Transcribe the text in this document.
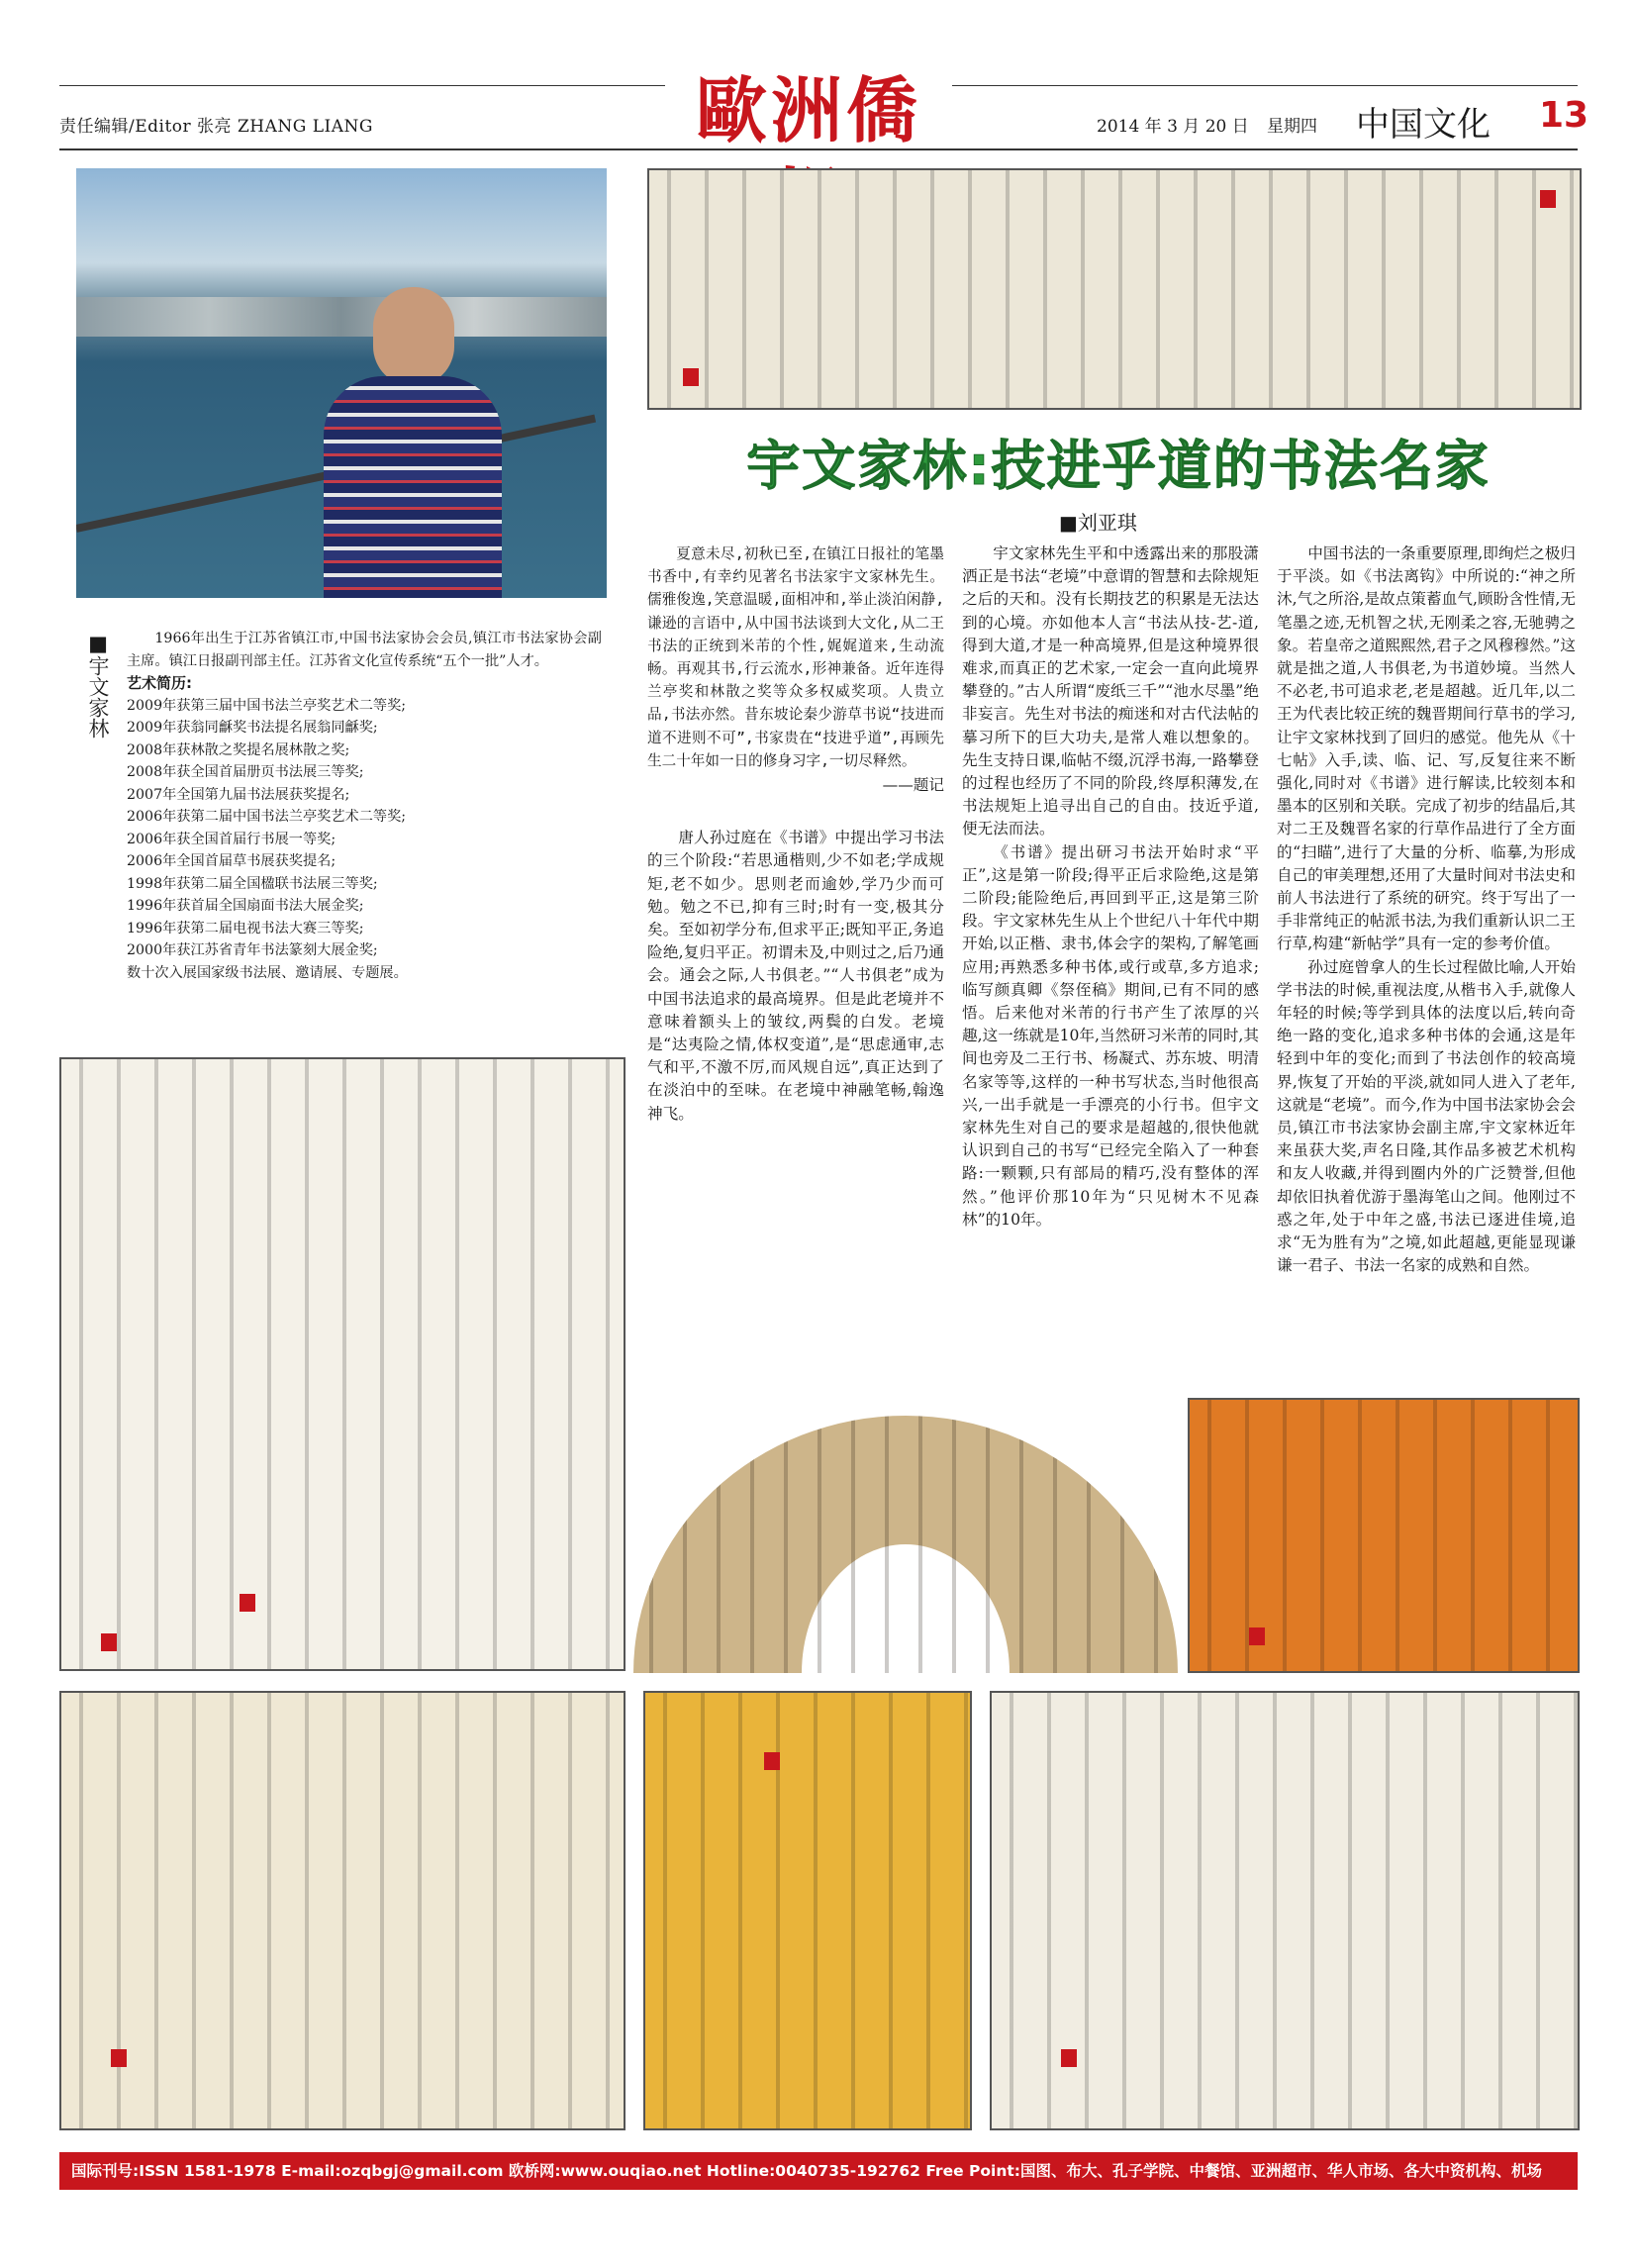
责任编辑/Editor 张亮 ZHANG LIANG	歐洲僑	2014 年 3 月 20 日 星期四 中国文化 13
宇文家林:技进乎道的书法名家
■刘亚琪
■宇文家林	1966年出生于江苏省镇江市,中国书法家协会会员,镇江市书法家协会副主席。镇江日报副刊部主任。江苏省文化宣传系统“五个一批”人才。
艺术简历:
2009年获第三届中国书法兰亭奖艺术二等奖;
2009年获翁同龢奖书法提名展翁同龢奖;
2008年获林散之奖提名展林散之奖;
2008年获全国首届册页书法展三等奖;
2007年全国第九届书法展获奖提名;
2006年获第二届中国书法兰亭奖艺术二等奖;
2006年获全国首届行书展一等奖;
2006年全国首届草书展获奖提名;
1998年获第二届全国楹联书法展三等奖;
1996年获首届全国扇面书法大展金奖;
1996年获第二届电视书法大赛三等奖;
2000年获江苏省青年书法篆刻大展金奖;
数十次入展国家级书法展、邀请展、专题展。

夏意未尽,初秋已至,在镇江日报社的笔墨书香中,有幸约见著名书法家宇文家林先生。儒雅俊逸,笑意温暖,面相冲和,举止淡泊闲静,谦逊的言语中,从中国书法谈到大文化,从二王书法的正统到米芾的个性,娓娓道来,生动流畅。再观其书,行云流水,形神兼备。近年连得兰亭奖和林散之奖等众多权威奖项。人贵立品,书法亦然。昔东坡论秦少游草书说“技进而道不进则不可”,书家贵在“技进乎道”,再顾先生二十年如一日的修身习字,一切尽释然。

——题记

唐人孙过庭在《书谱》中提出学习书法的三个阶段:“若思通楷则,少不如老;学成规矩,老不如少。思则老而逾妙,学乃少而可勉。勉之不已,抑有三时;时有一变,极其分矣。至如初学分布,但求平正;既知平正,务追险绝,复归平正。初谓未及,中则过之,后乃通会。通会之际,人书俱老。”“人书俱老”成为中国书法追求的最高境界。但是此老境并不意味着额头上的皱纹,两鬓的白发。老境是“达夷险之情,体权变道”,是“思虑通审,志气和平,不激不厉,而风规自远”,真正达到了在淡泊中的至味。在老境中神融笔畅,翰逸神飞。

宇文家林先生平和中透露出来的那股潇洒正是书法“老境”中意谓的智慧和去除规矩之后的天和。没有长期技艺的积累是无法达到的心境。亦如他本人言“书法从技-艺-道,得到大道,才是一种高境界,但是这种境界很难求,而真正的艺术家,一定会一直向此境界攀登的。”古人所谓“废纸三千”“池水尽墨”绝非妄言。先生对书法的痴迷和对古代法帖的摹习所下的巨大功夫,是常人难以想象的。先生支持日课,临帖不缀,沉浮书海,一路攀登的过程也经历了不同的阶段,终厚积薄发,在书法规矩上追寻出自己的自由。技近乎道,便无法而法。

《书谱》提出研习书法开始时求“平正”,这是第一阶段;得平正后求险绝,这是第二阶段;能险绝后,再回到平正,这是第三阶段。宇文家林先生从上个世纪八十年代中期开始,以正楷、隶书,体会字的架构,了解笔画应用;再熟悉多种书体,或行或草,多方追求;临写颜真卿《祭侄稿》期间,已有不同的感悟。后来他对米芾的行书产生了浓厚的兴趣,这一练就是10年,当然研习米芾的同时,其间也旁及二王行书、杨凝式、苏东坡、明清名家等等,这样的一种书写状态,当时他很高兴,一出手就是一手漂亮的小行书。但宇文家林先生对自己的要求是超越的,很快他就认识到自己的书写“已经完全陷入了一种套路:一颗颗,只有部局的精巧,没有整体的浑然。”他评价那10年为“只见树木不见森林”的10年。

中国书法的一条重要原理,即绚烂之极归于平淡。如《书法离钩》中所说的:“神之所沐,气之所浴,是故点策蓄血气,顾盼含性情,无笔墨之迹,无机智之状,无刚柔之容,无驰骋之象。若皇帝之道熙熙然,君子之风穆穆然。”这就是拙之道,人书俱老,为书道妙境。当然人不必老,书可追求老,老是超越。近几年,以二王为代表比较正统的魏晋期间行草书的学习,让宇文家林找到了回归的感觉。他先从《十七帖》入手,读、临、记、写,反复往来不断强化,同时对《书谱》进行解读,比较刻本和墨本的区别和关联。完成了初步的结晶后,其对二王及魏晋名家的行草作品进行了全方面的“扫瞄”,进行了大量的分析、临摹,为形成自己的审美理想,还用了大量时间对书法史和前人书法进行了系统的研究。终于写出了一手非常纯正的帖派书法,为我们重新认识二王行草,构建“新帖学”具有一定的参考价值。

孙过庭曾拿人的生长过程做比喻,人开始学书法的时候,重视法度,从楷书入手,就像人年轻的时候;等学到具体的法度以后,转向奇绝一路的变化,追求多种书体的会通,这是年轻到中年的变化;而到了书法创作的较高境界,恢复了开始的平淡,就如同人进入了老年,这就是“老境”。而今,作为中国书法家协会会员,镇江市书法家协会副主席,宇文家林近年来虽获大奖,声名日隆,其作品多被艺术机构和友人收藏,并得到圈内外的广泛赞誉,但他却依旧执着优游于墨海笔山之间。他刚过不惑之年,处于中年之盛,书法已逐进佳境,追求“无为胜有为”之境,如此超越,更能显现谦谦一君子、书法一名家的成熟和自然。

国际刊号:ISSN 1581-1978 E-mail:ozqbgj@gmail.com 欧桥网:www.ouqiao.net Hotline:0040735-192762 Free Point:国图、布大、孔子学院、中餐馆、亚洲超市、华人市场、各大中资机构、机场
